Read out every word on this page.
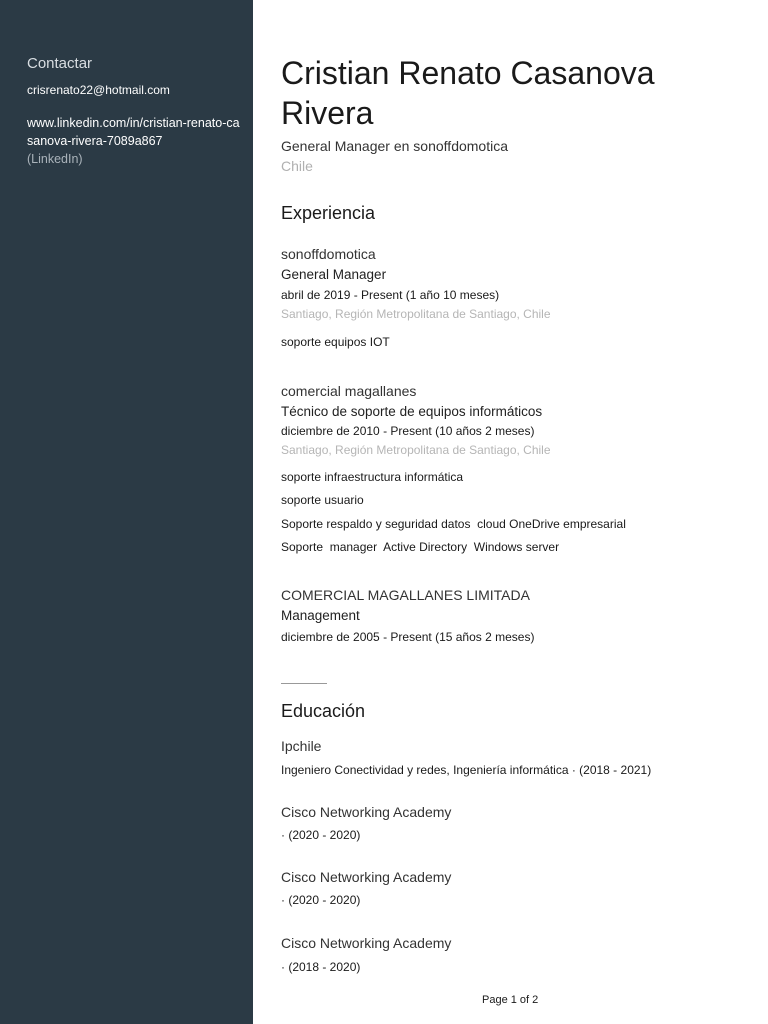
Contactar
crisrenato22@hotmail.com
www.linkedin.com/in/cristian-renato-casanova-rivera-7089a867
(LinkedIn)
Cristian Renato Casanova Rivera
General Manager en sonoffdomotica
Chile
Experiencia
sonoffdomotica
General Manager
abril de 2019 - Present (1 año 10 meses)
Santiago, Región Metropolitana de Santiago, Chile
soporte equipos IOT
comercial magallanes
Técnico de soporte de equipos informáticos
diciembre de 2010 - Present (10 años 2 meses)
Santiago, Región Metropolitana de Santiago, Chile
soporte infraestructura informática
soporte usuario
Soporte respaldo y seguridad datos  cloud OneDrive empresarial
Soporte  manager  Active Directory  Windows server
COMERCIAL MAGALLANES LIMITADA
Management
diciembre de 2005 - Present (15 años 2 meses)
Educación
Ipchile
Ingeniero Conectividad y redes, Ingeniería informática · (2018 - 2021)
Cisco Networking Academy
· (2020 - 2020)
Cisco Networking Academy
· (2020 - 2020)
Cisco Networking Academy
· (2018 - 2020)
Page 1 of 2
